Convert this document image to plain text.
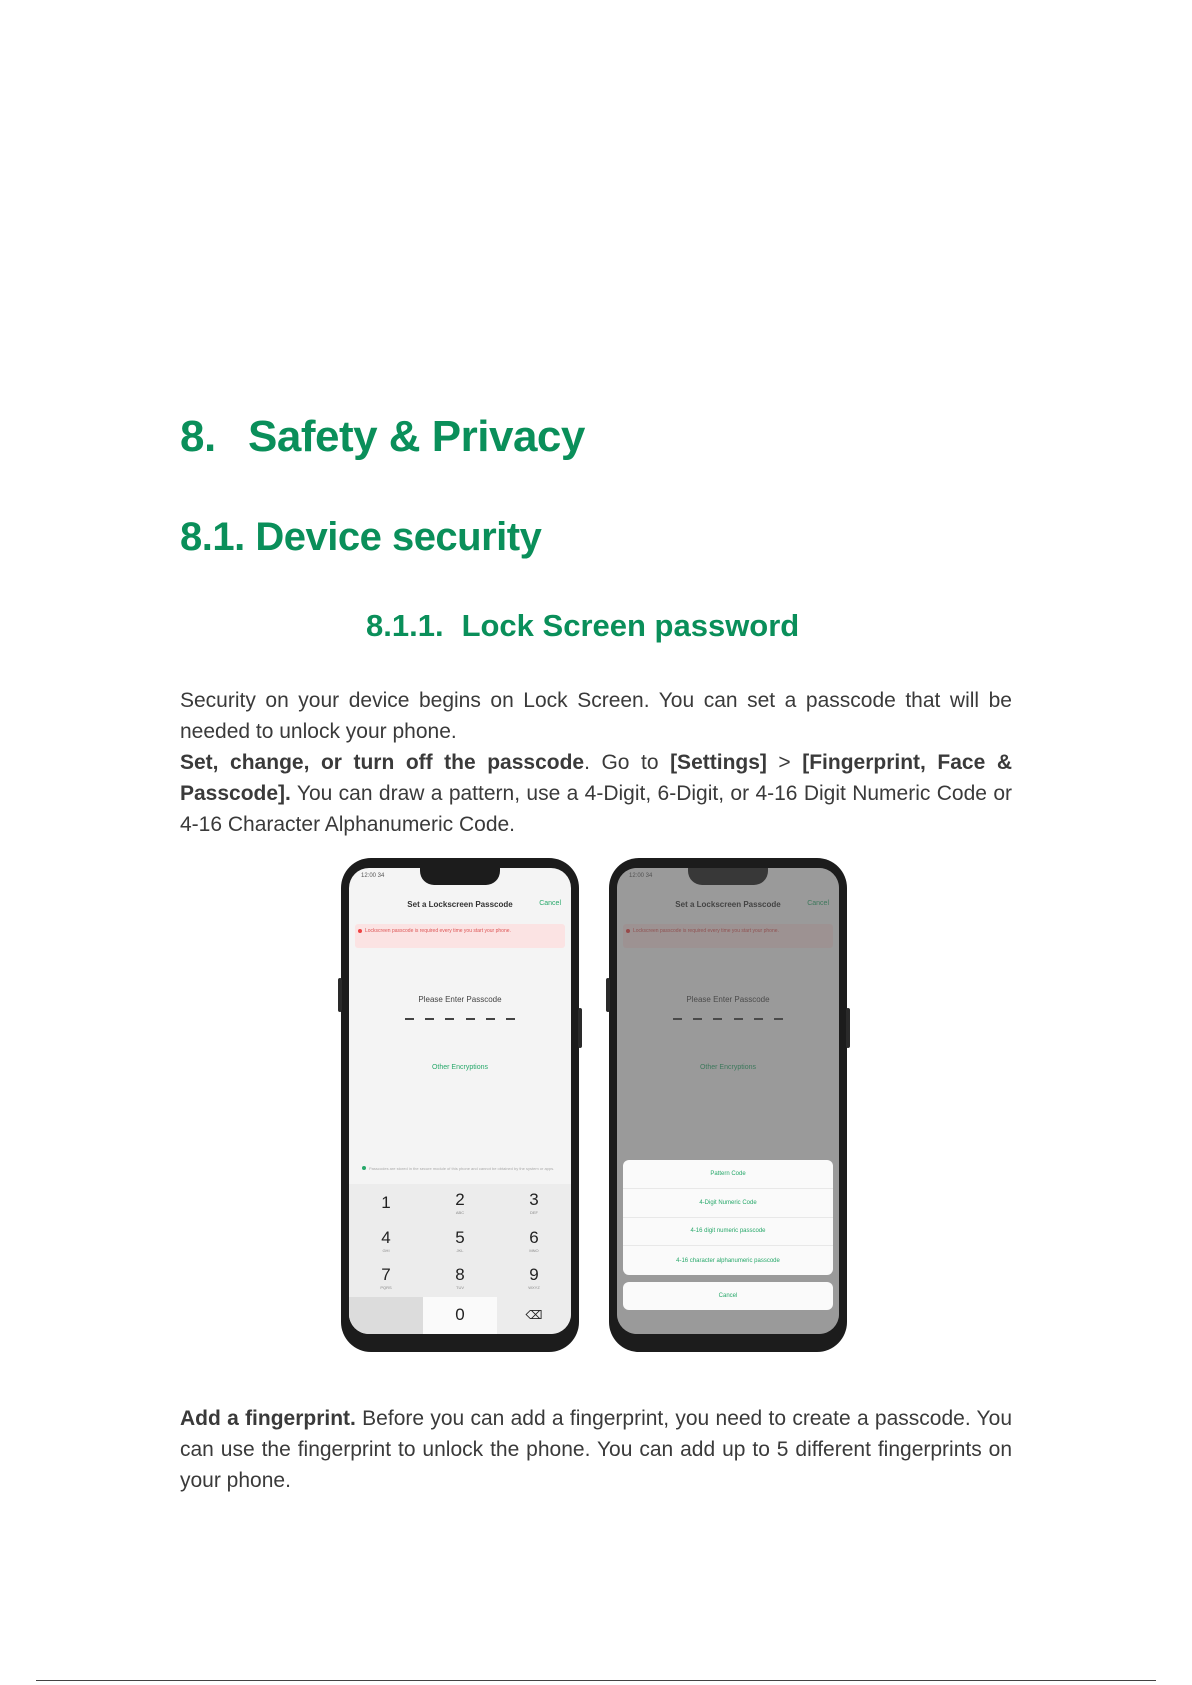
8. Safety & Privacy
8.1. Device security
8.1.1. Lock Screen password

Security on your device begins on Lock Screen. You can set a passcode that will be needed to unlock your phone.

Set, change, or turn off the passcode. Go to [Settings] > [Fingerprint, Face & Passcode]. You can draw a pattern, use a 4-Digit, 6-Digit, or 4-16 Digit Numeric Code or 4-16 Character Alphanumeric Code.

12:00 34
Set a Lockscreen Passcode	Cancel
Lockscreen passcode is required every time you start your phone.
Please Enter Passcode
Other Encryptions
Passcodes are stored in the secure module of this phone and cannot be obtained by the system or apps.
1	2
ABC
3
DEF
4
GHI
5
JKL
6
MNO
7
PQRS
8
TUV
9
WXYZ
0	⌫
Pattern Code
4-Digit Numeric Code
4-16 digit numeric passcode
4-16 character alphanumeric passcode
Cancel

Add a fingerprint. Before you can add a fingerprint, you need to create a passcode. You can use the fingerprint to unlock the phone. You can add up to 5 different fingerprints on your phone.
